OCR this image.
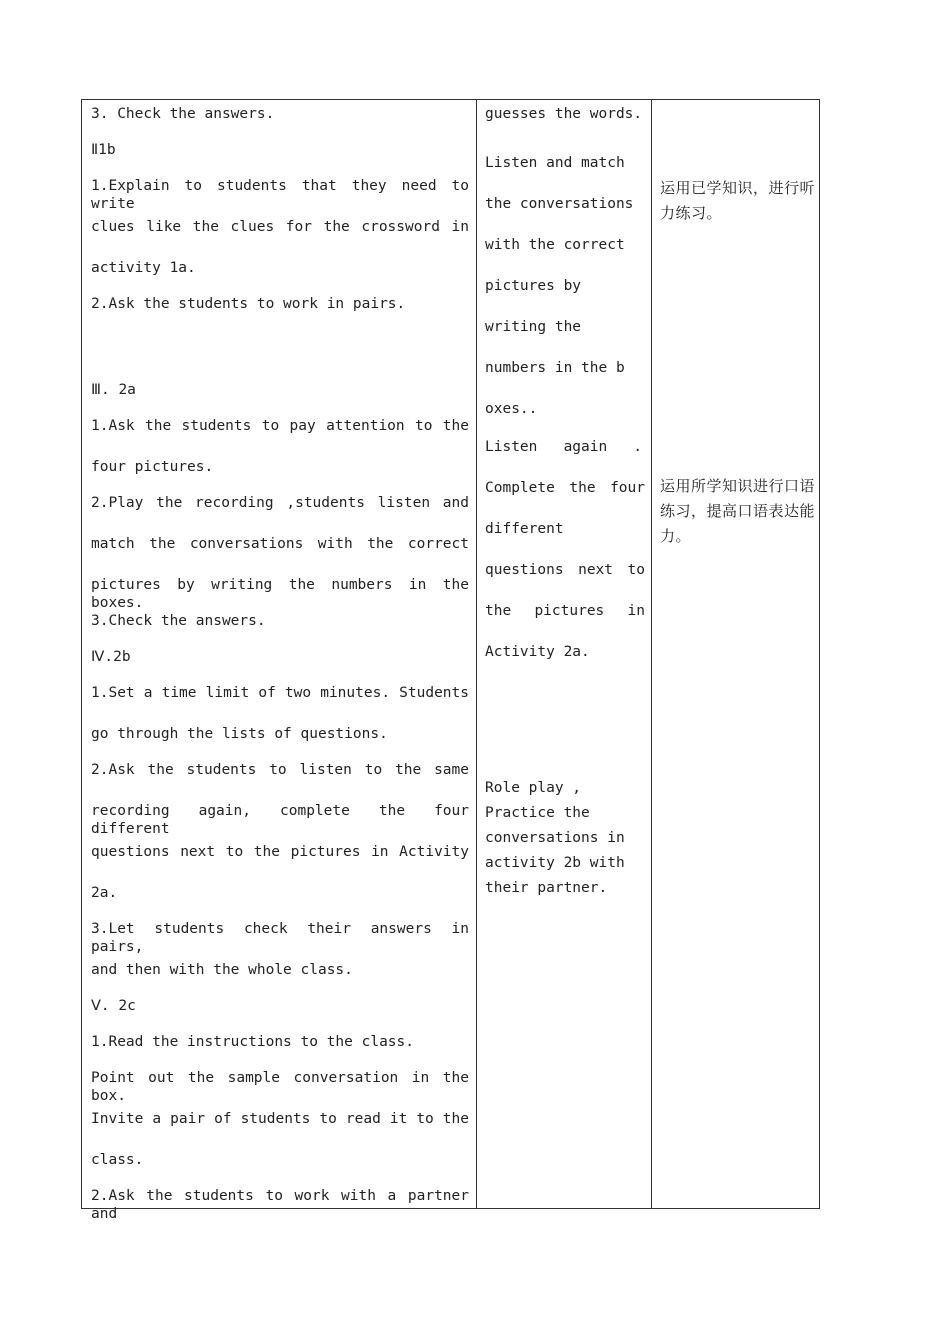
3. Check the answers.

Ⅱ1b

1.Explain to students that they need to write

clues like the clues for the crossword in

activity 1a.

2.Ask the students to work in pairs.

Ⅲ. 2a

1.Ask the students to pay attention to the

four pictures.

2.Play the recording ,students listen and

match the conversations with the correct

pictures by writing the numbers in the boxes.

3.Check the answers.

Ⅳ.2b

1.Set a time limit of two minutes. Students

go through the lists of questions.

2.Ask the students to listen to the same

recording again, complete the four different

questions next to the pictures in Activity

2a.

3.Let students check their answers in pairs,

and then with the whole class.

Ⅴ. 2c

1.Read the instructions to the class.

Point out the sample conversation in the box.

Invite a pair of students to read it to the

class.

2.Ask the students to work with a partner and

guesses the words.

Listen and match

the conversations

with the correct

pictures by

writing the

numbers in the b

oxes..

Listen   again   .

Complete the four

different

questions next to

the pictures in

Activity 2a.

Role play ,

Practice the

conversations in

activity 2b with

their partner.

运用已学知识，进行听力练习。
运用所学知识进行口语练习，提高口语表达能力。
